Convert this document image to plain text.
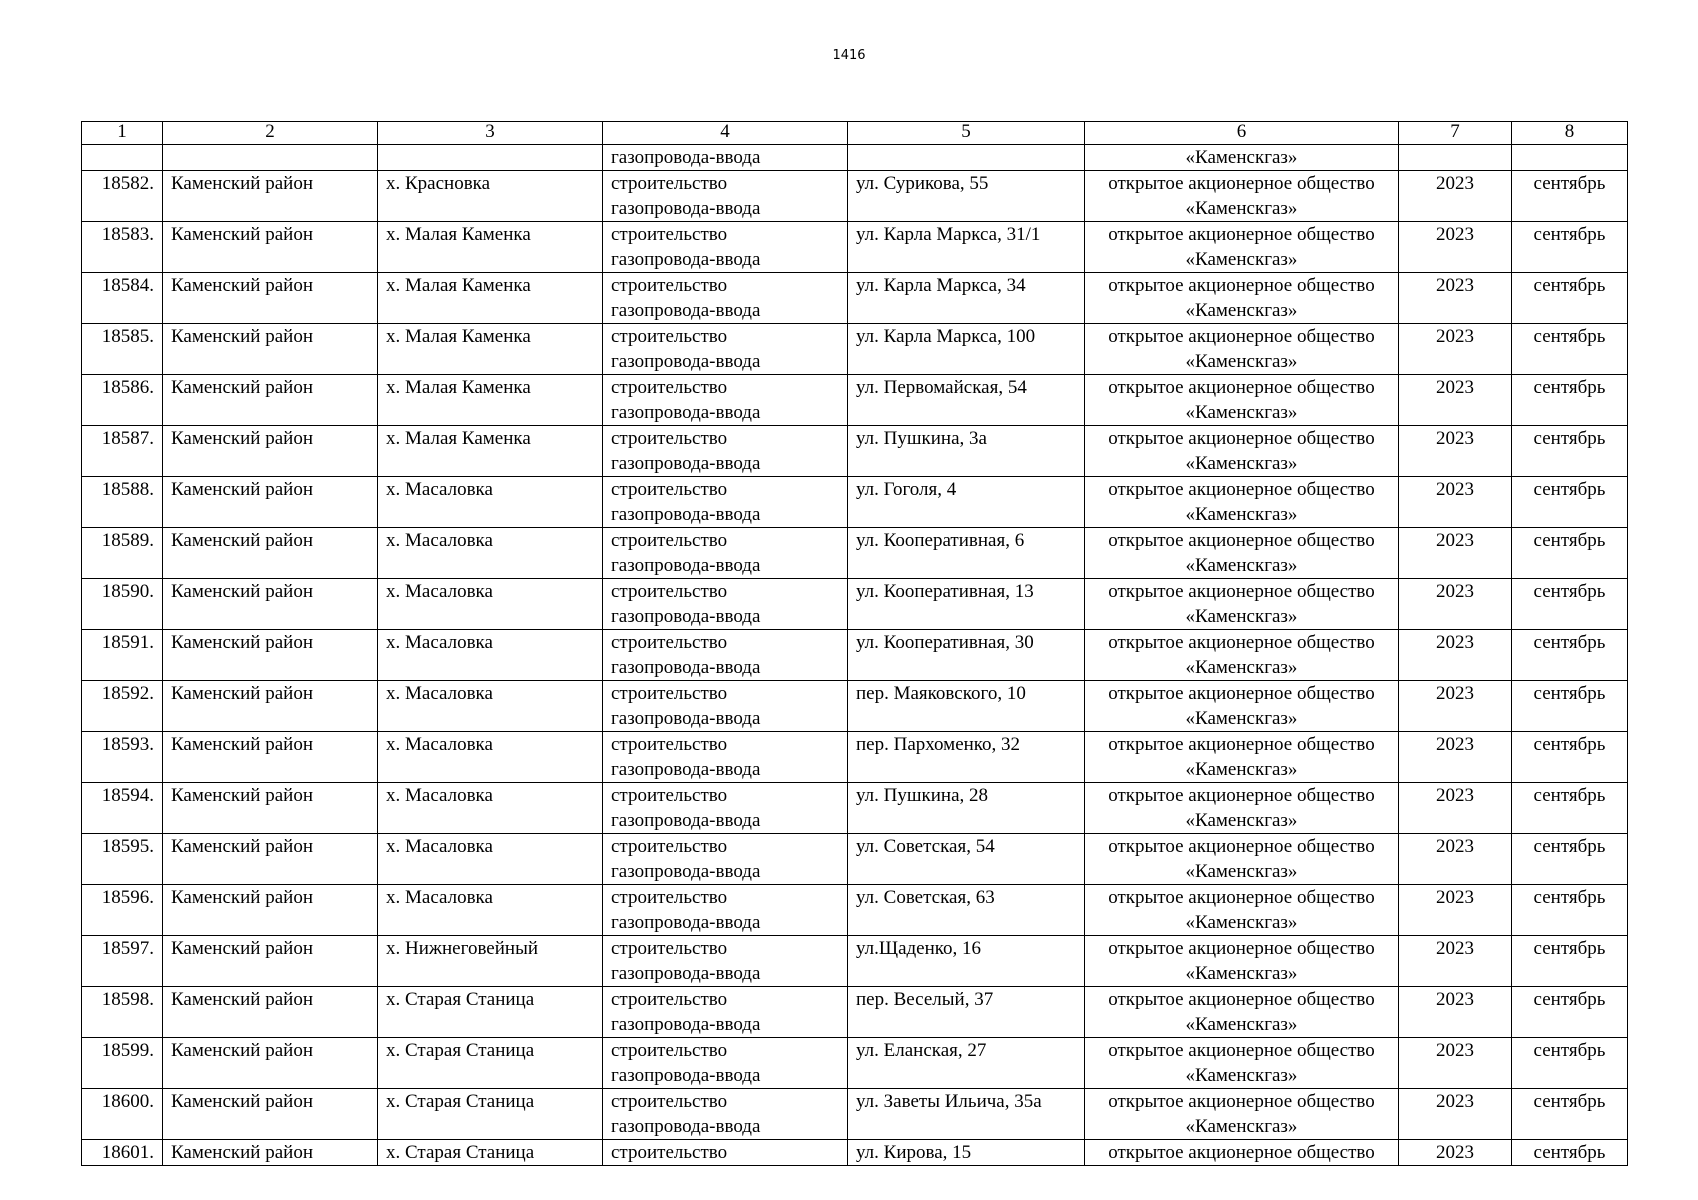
1416
1	2	3	4	5	6	7	8
			газопровода-ввода		«Каменскгаз»		

18582.	Каменский район	х. Красновка	строительство
газопровода-ввода	ул. Сурикова, 55	открытое акционерное общество
«Каменскгаз»	2023	сентябрь

18583.	Каменский район	х. Малая Каменка	строительство
газопровода-ввода	ул. Карла Маркса, 31/1	открытое акционерное общество
«Каменскгаз»	2023	сентябрь

18584.	Каменский район	х. Малая Каменка	строительство
газопровода-ввода	ул. Карла Маркса, 34	открытое акционерное общество
«Каменскгаз»	2023	сентябрь

18585.	Каменский район	х. Малая Каменка	строительство
газопровода-ввода	ул. Карла Маркса, 100	открытое акционерное общество
«Каменскгаз»	2023	сентябрь

18586.	Каменский район	х. Малая Каменка	строительство
газопровода-ввода	ул. Первомайская, 54	открытое акционерное общество
«Каменскгаз»	2023	сентябрь

18587.	Каменский район	х. Малая Каменка	строительство
газопровода-ввода	ул. Пушкина, 3а	открытое акционерное общество
«Каменскгаз»	2023	сентябрь

18588.	Каменский район	х. Масаловка	строительство
газопровода-ввода	ул. Гоголя, 4	открытое акционерное общество
«Каменскгаз»	2023	сентябрь

18589.	Каменский район	х. Масаловка	строительство
газопровода-ввода	ул. Кооперативная, 6	открытое акционерное общество
«Каменскгаз»	2023	сентябрь

18590.	Каменский район	х. Масаловка	строительство
газопровода-ввода	ул. Кооперативная, 13	открытое акционерное общество
«Каменскгаз»	2023	сентябрь

18591.	Каменский район	х. Масаловка	строительство
газопровода-ввода	ул. Кооперативная, 30	открытое акционерное общество
«Каменскгаз»	2023	сентябрь

18592.	Каменский район	х. Масаловка	строительство
газопровода-ввода	пер. Маяковского, 10	открытое акционерное общество
«Каменскгаз»	2023	сентябрь

18593.	Каменский район	х. Масаловка	строительство
газопровода-ввода	пер. Пархоменко, 32	открытое акционерное общество
«Каменскгаз»	2023	сентябрь

18594.	Каменский район	х. Масаловка	строительство
газопровода-ввода	ул. Пушкина, 28	открытое акционерное общество
«Каменскгаз»	2023	сентябрь

18595.	Каменский район	х. Масаловка	строительство
газопровода-ввода	ул. Советская, 54	открытое акционерное общество
«Каменскгаз»	2023	сентябрь

18596.	Каменский район	х. Масаловка	строительство
газопровода-ввода	ул. Советская, 63	открытое акционерное общество
«Каменскгаз»	2023	сентябрь

18597.	Каменский район	х. Нижнеговейный	строительство
газопровода-ввода	ул.Щаденко, 16	открытое акционерное общество
«Каменскгаз»	2023	сентябрь

18598.	Каменский район	х. Старая Станица	строительство
газопровода-ввода	пер. Веселый, 37	открытое акционерное общество
«Каменскгаз»	2023	сентябрь

18599.	Каменский район	х. Старая Станица	строительство
газопровода-ввода	ул. Еланская, 27	открытое акционерное общество
«Каменскгаз»	2023	сентябрь

18600.	Каменский район	х. Старая Станица	строительство
газопровода-ввода	ул. Заветы Ильича, 35а	открытое акционерное общество
«Каменскгаз»	2023	сентябрь

18601.	Каменский район	х. Старая Станица	строительство	ул. Кирова, 15	открытое акционерное общество	2023	сентябрь
